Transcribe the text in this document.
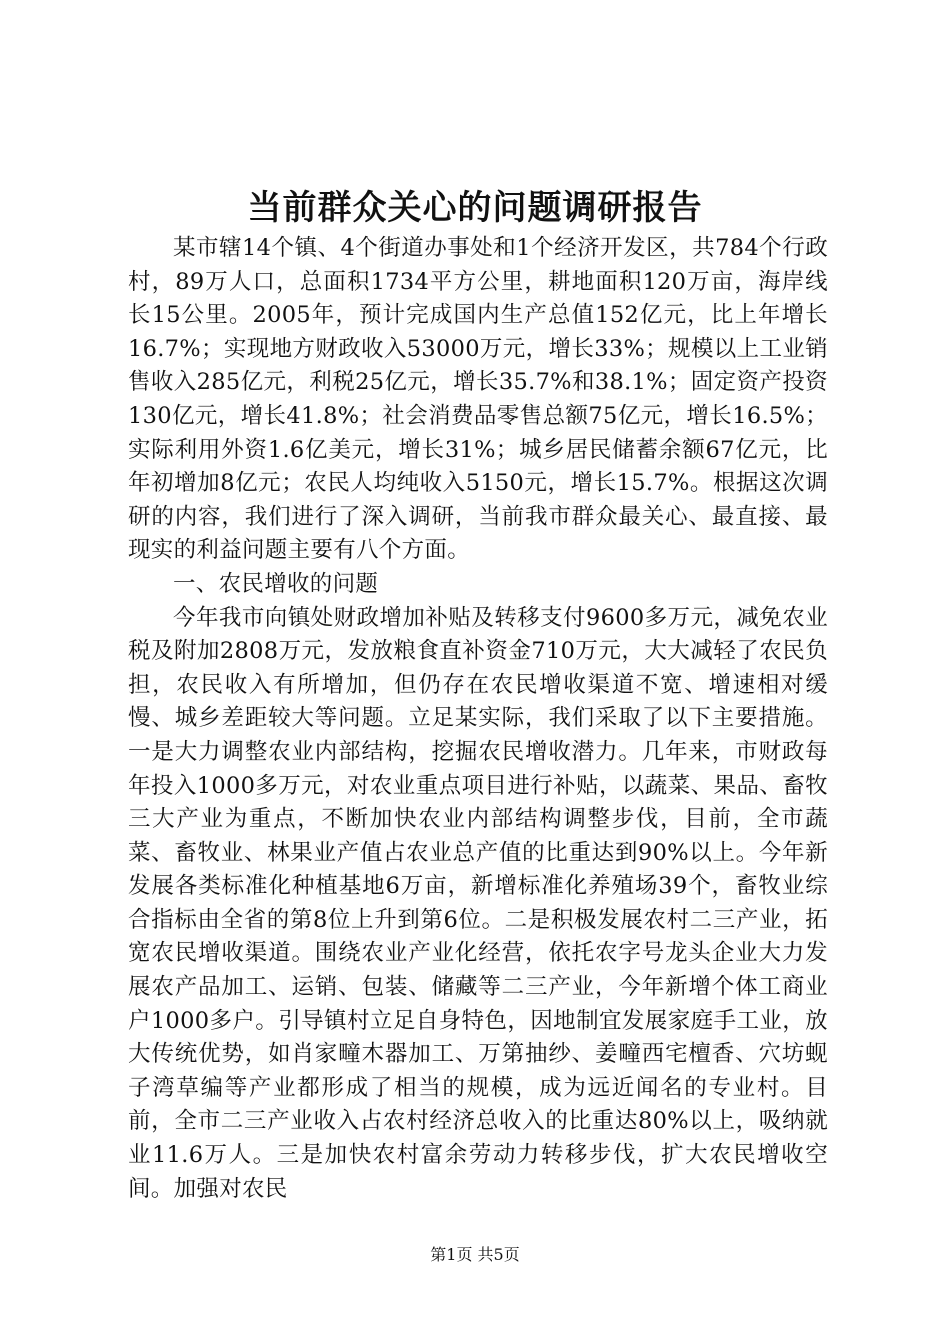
当前群众关心的问题调研报告

某市辖14个镇、4个街道办事处和1个经济开发区，共784个行政村，89万人口，总面积1734平方公里，耕地面积120万亩，海岸线长15公里。2005年，预计完成国内生产总值152亿元，比上年增长16.7%；实现地方财政收入53000万元，增长33%；规模以上工业销售收入285亿元，利税25亿元，增长35.7%和38.1%；固定资产投资130亿元，增长41.8%；社会消费品零售总额75亿元，增长16.5%；实际利用外资1.6亿美元，增长31%；城乡居民储蓄余额67亿元，比年初增加8亿元；农民人均纯收入5150元，增长15.7%。根据这次调研的内容，我们进行了深入调研，当前我市群众最关心、最直接、最现实的利益问题主要有八个方面。

一、农民增收的问题

今年我市向镇处财政增加补贴及转移支付9600多万元，减免农业税及附加2808万元，发放粮食直补资金710万元，大大减轻了农民负担，农民收入有所增加，但仍存在农民增收渠道不宽、增速相对缓慢、城乡差距较大等问题。立足某实际，我们采取了以下主要措施。一是大力调整农业内部结构，挖掘农民增收潜力。几年来，市财政每年投入1000多万元，对农业重点项目进行补贴，以蔬菜、果品、畜牧三大产业为重点，不断加快农业内部结构调整步伐，目前，全市蔬菜、畜牧业、林果业产值占农业总产值的比重达到90%以上。今年新发展各类标准化种植基地6万亩，新增标准化养殖场39个，畜牧业综合指标由全省的第8位上升到第6位。二是积极发展农村二三产业，拓宽农民增收渠道。围绕农业产业化经营，依托农字号龙头企业大力发展农产品加工、运销、包装、储藏等二三产业，今年新增个体工商业户1000多户。引导镇村立足自身特色，因地制宜发展家庭手工业，放大传统优势，如肖家疃木器加工、万第抽纱、姜疃西宅檀香、穴坊蚬子湾草编等产业都形成了相当的规模，成为远近闻名的专业村。目前，全市二三产业收入占农村经济总收入的比重达80%以上，吸纳就业11.6万人。三是加快农村富余劳动力转移步伐，扩大农民增收空间。加强对农民

第1页 共5页
